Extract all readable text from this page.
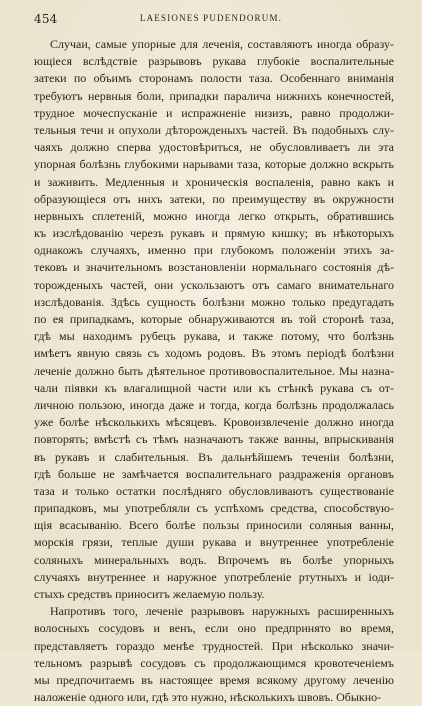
454	LAESIONES PUDENDORUM.
Случаи, самые упорные для леченія, составляютъ иногда образу-
ющіеся вслѣдствіе разрывовъ рукава глубокіе воспалительные
затеки по объимъ сторонамъ полости таза. Особеннаго вниманія
требуютъ нервныя боли, припадки паралича нижнихъ конечностей,
трудное мочеспусканіе и испражненіе низизъ, равно продолжи-
тельныя течи и опухоли дѣторожденыхъ частей. Въ подобныхъ слу-
чаяхъ должно сперва удостовѣриться, не обусловливаетъ ли эта
упорная болѣзнь глубокими нарывами таза, которые должно вскрыть
и заживить. Медленныя и хроническія воспаленія, равно какъ и
образующіеся отъ нихъ затеки, по преимуществу въ окружности
нервныхъ сплетеній, можно иногда легко открыть, обратившись
къ изслѣдованію черезъ рукавъ и прямую кишку; въ нѣкоторыхъ
однакожъ случаяхъ, именно при глубокомъ положеніи этихъ за-
тековъ и значительномъ возстановленіи нормальнаго состоянія дѣ-
торожденыхъ частей, они ускользаютъ отъ самаго внимательнаго
изслѣдованія. Здѣсь сущность болѣзни можно только предугадать
по ея припадкамъ, которые обнаруживаются въ той сторонѣ таза,
гдѣ мы находимъ рубецъ рукава, и также потому, что болѣзнь
имѣетъ явную связь съ ходомъ родовъ. Въ этомъ періодѣ болѣзни
леченіе должно быть дѣятельное противовоспалительное. Мы назна-
чали піявки къ влагалищной части или къ стѣнкѣ рукава съ от-
личною пользою, иногда даже и тогда, когда болѣзнь продолжалась
уже болѣе нѣсколькихъ мѣсяцевъ. Кровоизвлеченіе должно иногда
повторять; вмѣстѣ съ тѣмъ назначаютъ также ванны, впрыскиванія
въ рукавъ и слабительныя. Въ дальнѣйшемъ теченіи болѣзни,
гдѣ больше не замѣчается воспалительнаго раздраженія органовъ
таза и только остатки послѣдняго обусловливаютъ существованіе
припадковъ, мы употребляли съ успѣхомъ средства, способствую-
щія всасыванію. Всего болѣе пользы приносили соляныя ванны,
морскія грязи, теплые души рукава и внутреннее употребленіе
соляныхъ минеральныхъ водъ. Впрочемъ въ болѣе упорныхъ
случаяхъ внутреннее и наружное употребленіе ртутныхъ и іоди-
стыхъ средствъ приноситъ желаемую пользу.
Напротивъ того, леченіе разрывовъ наружныхъ расширенныхъ
волосныхъ сосудовъ и венъ, если оно предпринято во время,
представляетъ гораздо менѣе трудностей. При нѣсколько значи-
тельномъ разрывѣ сосудовъ съ продолжающимся кровотеченіемъ
мы предпочитаемъ въ настоящее время всякому другому леченію
наложеніе одного или, гдѣ это нужно, нѣсколькихъ швовъ. Обыкно-
